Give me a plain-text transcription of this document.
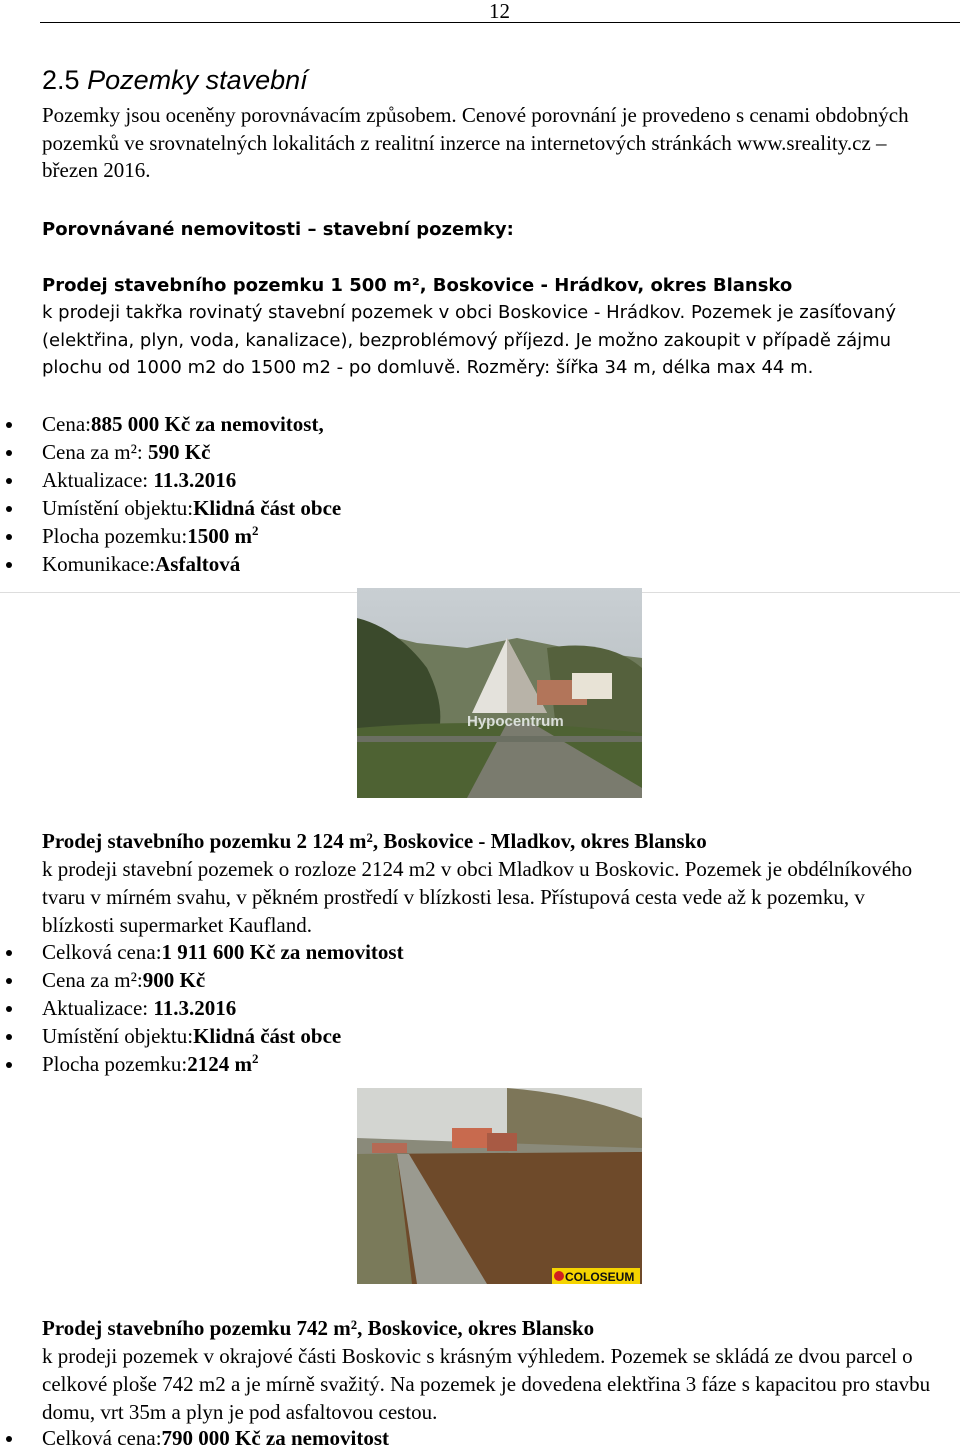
12
2.5 Pozemky stavební
Pozemky jsou oceněny porovnávacím způsobem. Cenové porovnání je provedeno s cenami obdobných pozemků ve srovnatelných lokalitách z realitní inzerce na internetových stránkách www.sreality.cz – březen 2016.
Porovnávané nemovitosti – stavební pozemky:
Prodej stavebního pozemku 1 500 m², Boskovice - Hrádkov, okres Blansko
k prodeji takřka rovinatý stavební pozemek v obci Boskovice - Hrádkov. Pozemek je zasíťovaný (elektřina, plyn, voda, kanalizace), bezproblémový příjezd. Je možno zakoupit v případě zájmu plochu od 1000 m2 do 1500 m2 - po domluvě. Rozměry: šířka 34 m, délka max 44 m.
Cena:885 000 Kč za nemovitost,
Cena za m²: 590 Kč
Aktualizace: 11.3.2016
Umístění objektu:Klidná část obce
Plocha pozemku:1500 $m^2$
Komunikace:Asfaltová
Hypocentrum
Prodej stavebního pozemku 2 124 m², Boskovice - Mladkov, okres Blansko
k prodeji stavební pozemek o rozloze 2124 m2 v obci Mladkov u Boskovic. Pozemek je obdélníkového tvaru v mírném svahu, v pěkném prostředí v blízkosti lesa. Přístupová cesta vede až k pozemku, v blízkosti supermarket Kaufland.
Celková cena:1 911 600 Kč za nemovitost
Cena za m²:900 Kč
Aktualizace: 11.3.2016
Umístění objektu:Klidná část obce
Plocha pozemku:2124 $m^2$
COLOSEUM
Prodej stavebního pozemku 742 m², Boskovice, okres Blansko
k prodeji pozemek v okrajové části Boskovic s krásným výhledem. Pozemek se skládá ze dvou parcel o celkové ploše 742 m2 a je mírně svažitý. Na pozemek je dovedena elektřina 3 fáze s kapacitou pro stavbu domu, vrt 35m a plyn je pod asfaltovou cestou.
Celková cena:790 000 Kč za nemovitost
